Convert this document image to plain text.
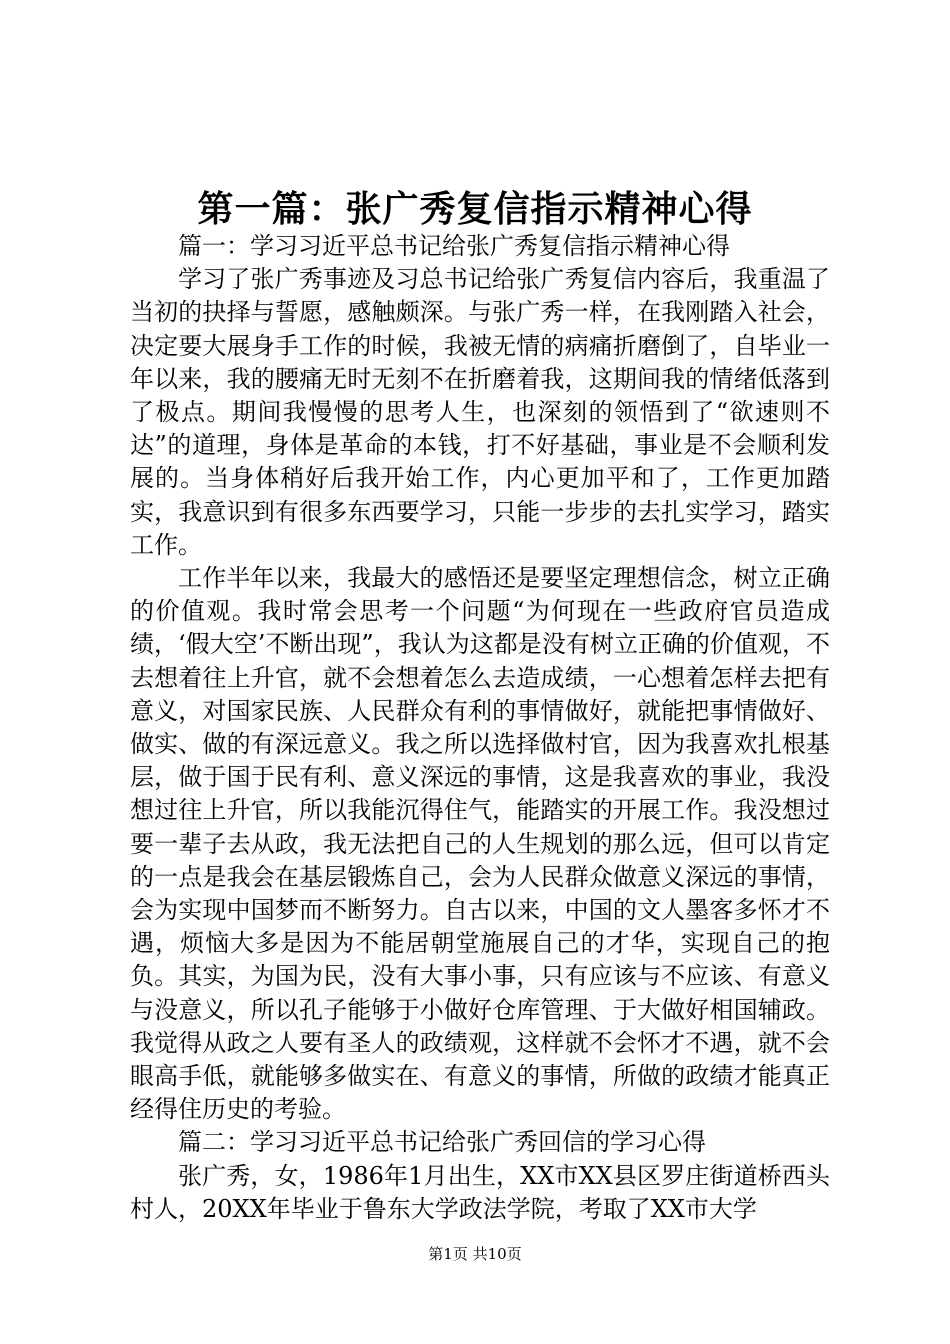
第一篇：张广秀复信指示精神心得

篇一：学习习近平总书记给张广秀复信指示精神心得

学习了张广秀事迹及习总书记给张广秀复信内容后，我重温了当初的抉择与誓愿，感触颇深。与张广秀一样，在我刚踏入社会，决定要大展身手工作的时候，我被无情的病痛折磨倒了，自毕业一年以来，我的腰痛无时无刻不在折磨着我，这期间我的情绪低落到了极点。期间我慢慢的思考人生，也深刻的领悟到了“欲速则不达”的道理，身体是革命的本钱，打不好基础，事业是不会顺利发展的。当身体稍好后我开始工作，内心更加平和了，工作更加踏实，我意识到有很多东西要学习，只能一步步的去扎实学习，踏实工作。

工作半年以来，我最大的感悟还是要坚定理想信念，树立正确的价值观。我时常会思考一个问题“为何现在一些政府官员造成绩，‘假大空’不断出现”，我认为这都是没有树立正确的价值观，不去想着往上升官，就不会想着怎么去造成绩，一心想着怎样去把有意义，对国家民族、人民群众有利的事情做好，就能把事情做好、做实、做的有深远意义。我之所以选择做村官，因为我喜欢扎根基层，做于国于民有利、意义深远的事情，这是我喜欢的事业，我没想过往上升官，所以我能沉得住气，能踏实的开展工作。我没想过要一辈子去从政，我无法把自己的人生规划的那么远，但可以肯定的一点是我会在基层锻炼自己，会为人民群众做意义深远的事情，会为实现中国梦而不断努力。自古以来，中国的文人墨客多怀才不遇，烦恼大多是因为不能居朝堂施展自己的才华，实现自己的抱负。其实，为国为民，没有大事小事，只有应该与不应该、有意义与没意义，所以孔子能够于小做好仓库管理、于大做好相国辅政。我觉得从政之人要有圣人的政绩观，这样就不会怀才不遇，就不会眼高手低，就能够多做实在、有意义的事情，所做的政绩才能真正经得住历史的考验。

篇二：学习习近平总书记给张广秀回信的学习心得

张广秀，女，1986年1月出生，XX市XX县区罗庄街道桥西头村人，20XX年毕业于鲁东大学政法学院，考取了XX市大学

第1页 共10页
